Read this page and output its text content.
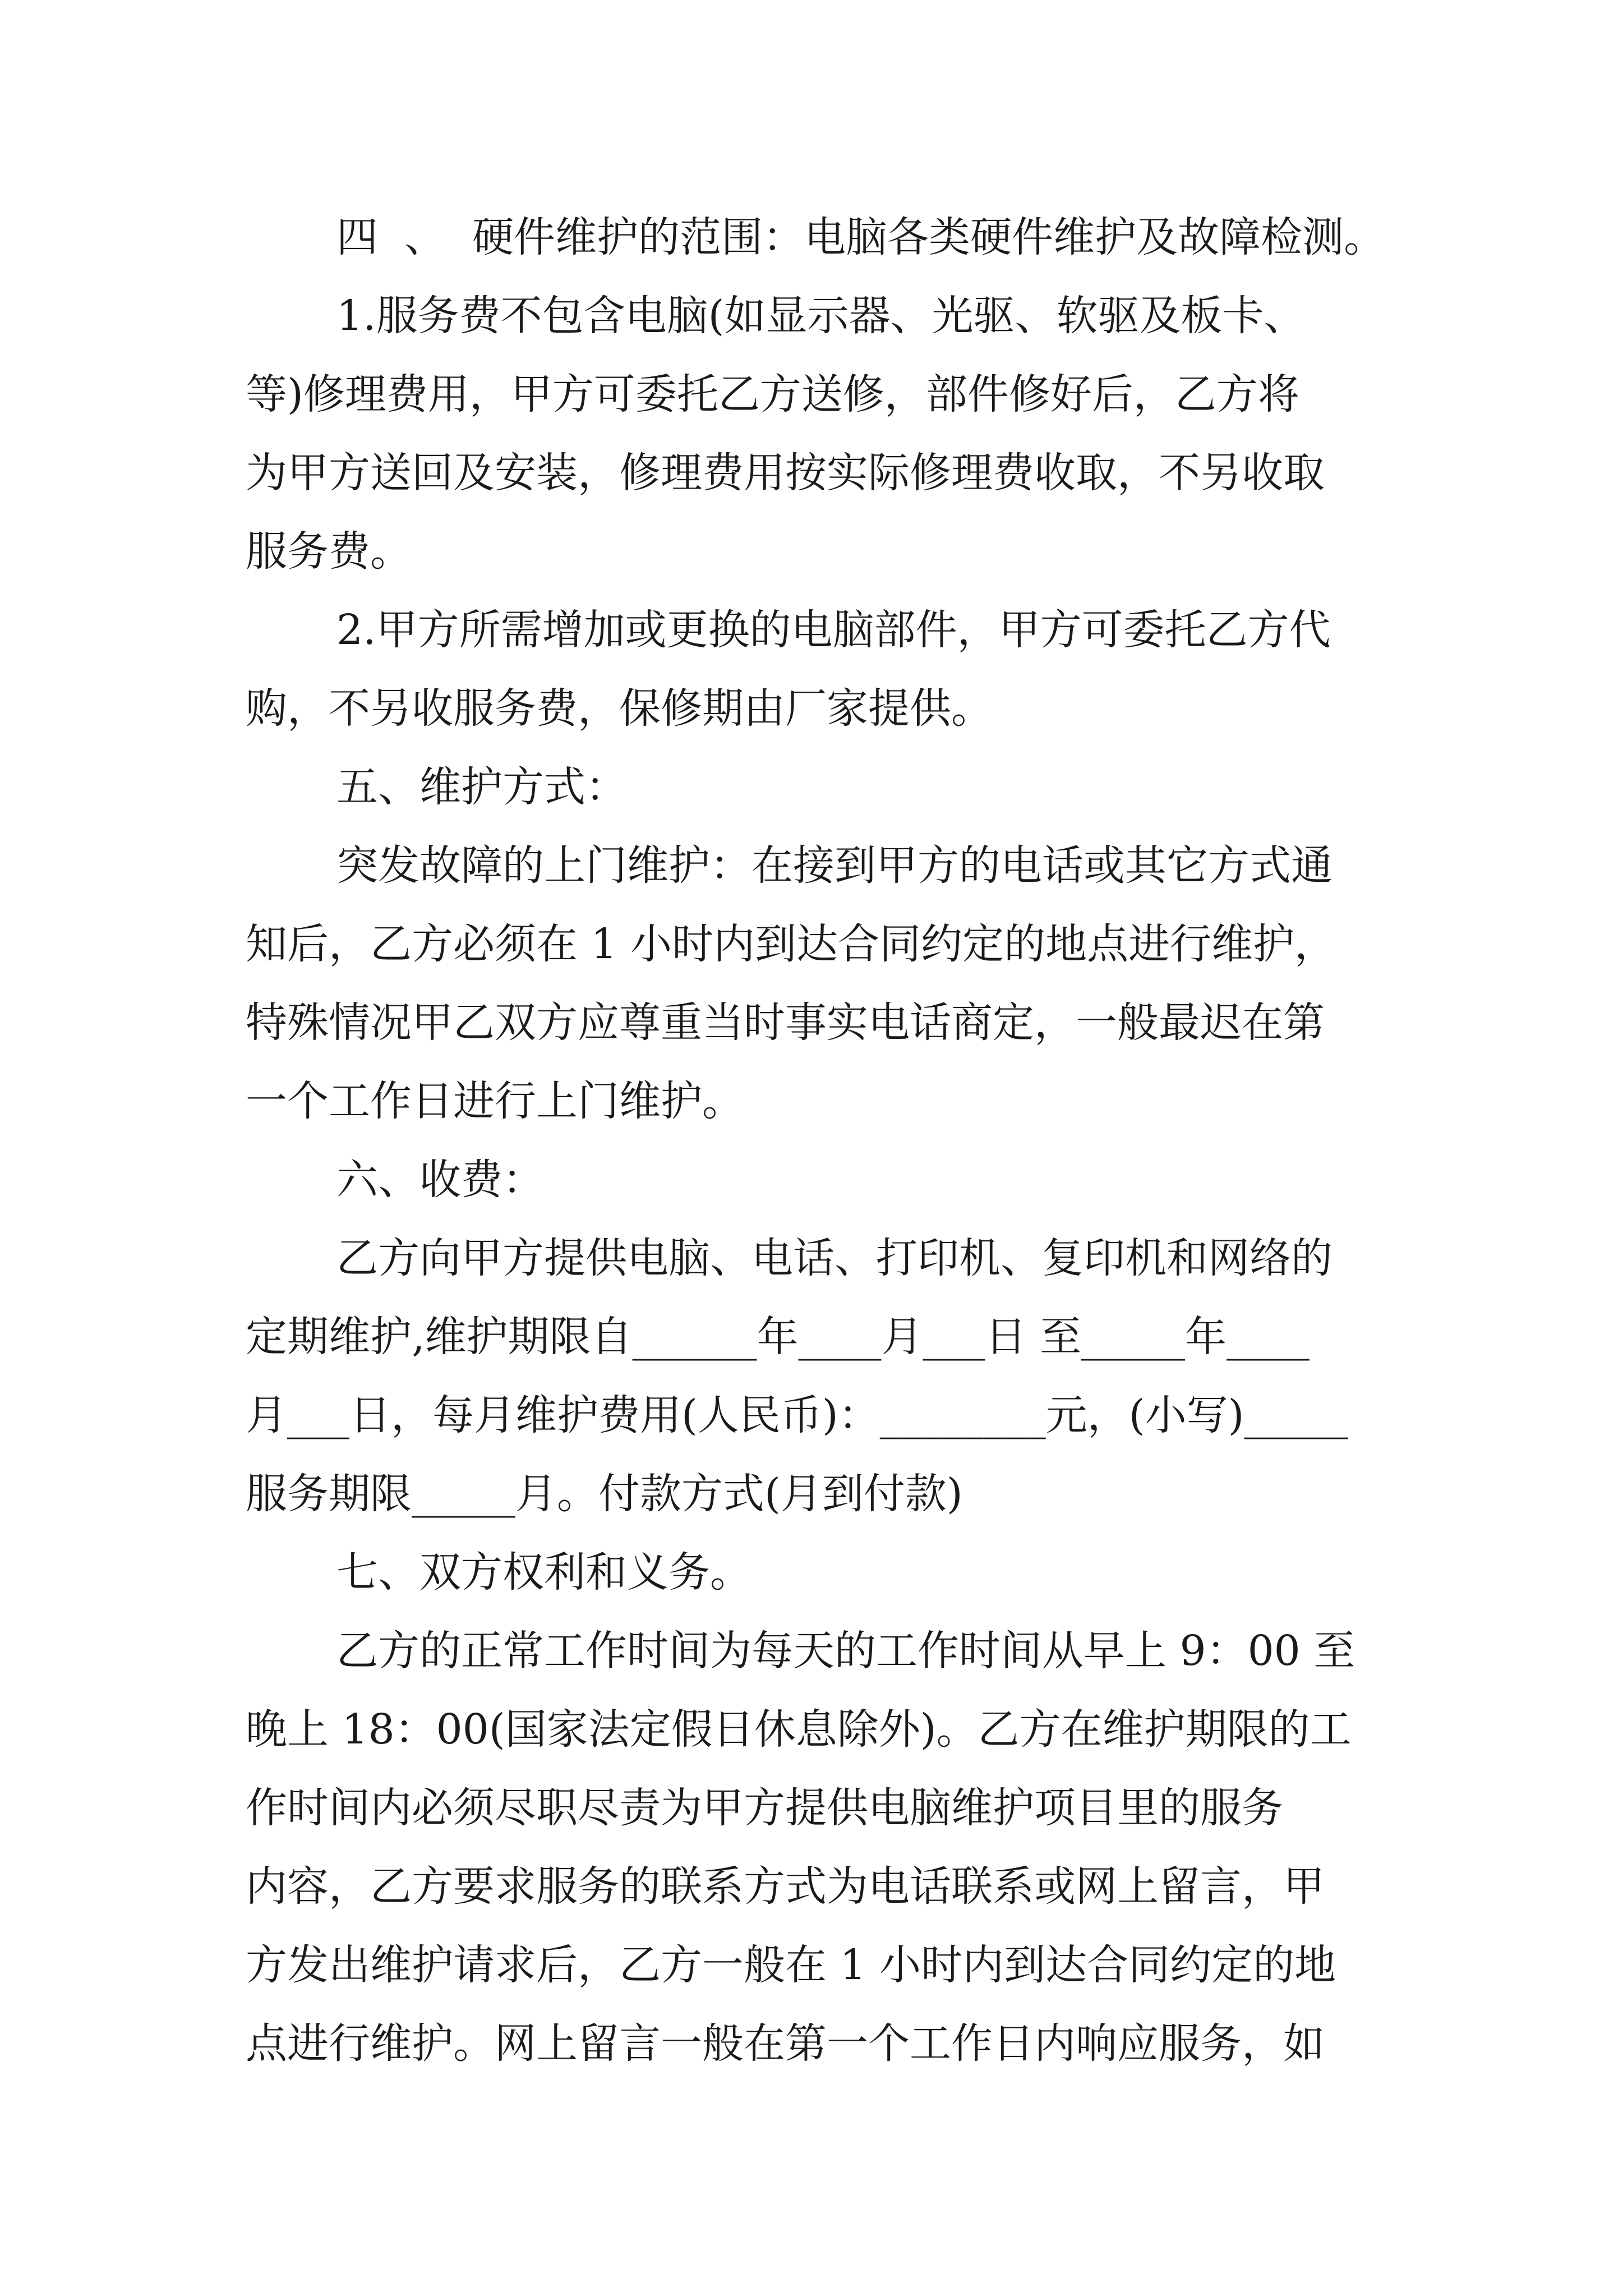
四  、  硬件维护的范围：电脑各类硬件维护及故障检测。

1.服务费不包含电脑(如显示器、光驱、软驱及板卡、

等)修理费用，甲方可委托乙方送修，部件修好后，乙方将

为甲方送回及安装，修理费用按实际修理费收取，不另收取

服务费。

2.甲方所需增加或更换的电脑部件，甲方可委托乙方代

购，不另收服务费，保修期由厂家提供。

五、维护方式：

突发故障的上门维护：在接到甲方的电话或其它方式通

知后，乙方必须在 1 小时内到达合同约定的地点进行维护，

特殊情况甲乙双方应尊重当时事实电话商定，一般最迟在第

一个工作日进行上门维护。

六、收费：

乙方向甲方提供电脑、电话、打印机、复印机和网络的

定期维护,维护期限自______年____月___日 至_____年____

月___日，每月维护费用(人民币)：________元，(小写)_____

服务期限_____月。付款方式(月到付款)

七、双方权利和义务。

乙方的正常工作时间为每天的工作时间从早上 9：00 至

晚上 18：00(国家法定假日休息除外)。乙方在维护期限的工

作时间内必须尽职尽责为甲方提供电脑维护项目里的服务

内容，乙方要求服务的联系方式为电话联系或网上留言，甲

方发出维护请求后，乙方一般在 1 小时内到达合同约定的地

点进行维护。网上留言一般在第一个工作日内响应服务，如
